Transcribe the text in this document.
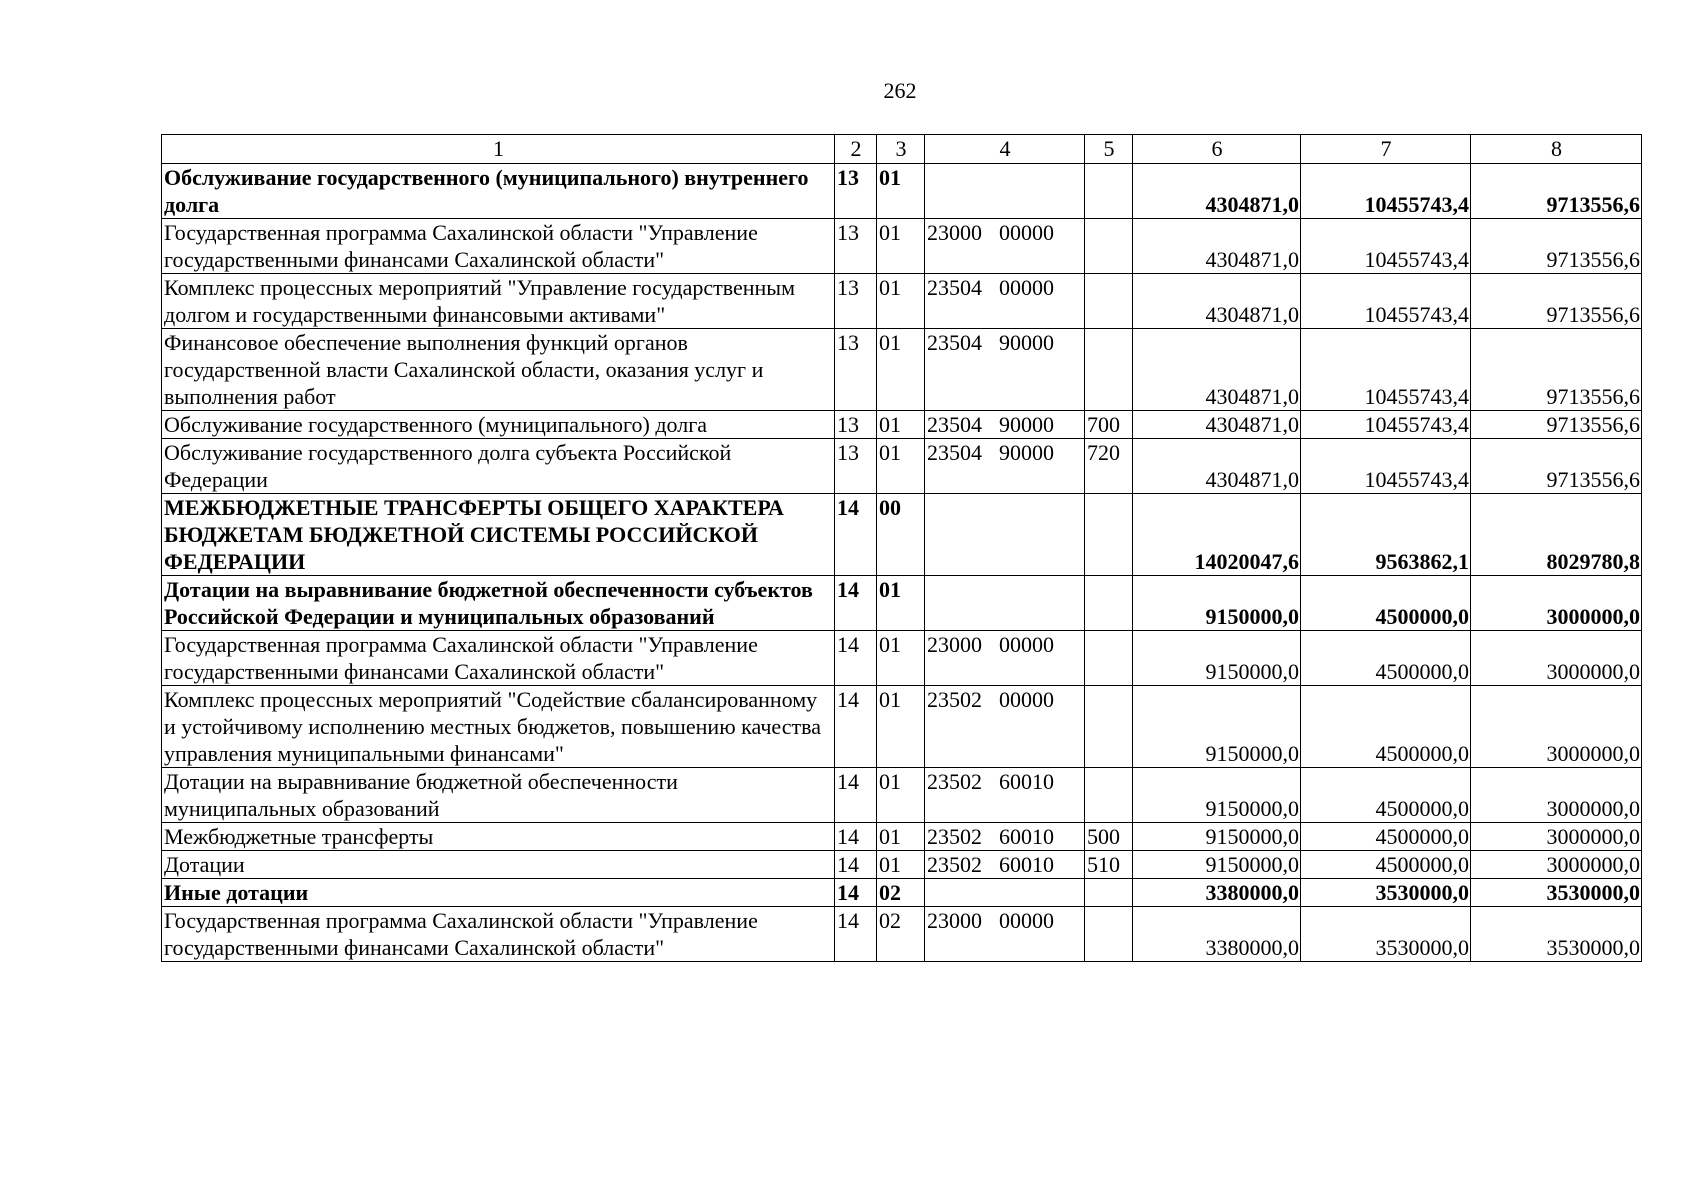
262
1	2	3	4	5	6	7	8
Обслуживание государственного (муниципального) внутреннего долга	13	01			4304871,0	10455743,4	9713556,6
Государственная программа Сахалинской области "Управление государственными финансами Сахалинской области"	13	01	23000 00000		4304871,0	10455743,4	9713556,6
Комплекс процессных мероприятий "Управление государственным долгом и государственными финансовыми активами"	13	01	23504 00000		4304871,0	10455743,4	9713556,6
Финансовое обеспечение выполнения функций органов государственной власти Сахалинской области, оказания услуг и выполнения работ	13	01	23504 90000		4304871,0	10455743,4	9713556,6
Обслуживание государственного (муниципального) долга	13	01	23504 90000	700	4304871,0	10455743,4	9713556,6
Обслуживание государственного долга субъекта Российской Федерации	13	01	23504 90000	720	4304871,0	10455743,4	9713556,6
МЕЖБЮДЖЕТНЫЕ ТРАНСФЕРТЫ ОБЩЕГО ХАРАКТЕРА БЮДЖЕТАМ БЮДЖЕТНОЙ СИСТЕМЫ РОССИЙСКОЙ ФЕДЕРАЦИИ	14	00			14020047,6	9563862,1	8029780,8
Дотации на выравнивание бюджетной обеспеченности субъектов Российской Федерации и муниципальных образований	14	01			9150000,0	4500000,0	3000000,0
Государственная программа Сахалинской области "Управление государственными финансами Сахалинской области"	14	01	23000 00000		9150000,0	4500000,0	3000000,0
Комплекс процессных мероприятий "Содействие сбалансированному и устойчивому исполнению местных бюджетов, повышению качества управления муниципальными финансами"	14	01	23502 00000		9150000,0	4500000,0	3000000,0
Дотации на выравнивание бюджетной обеспеченности муниципальных образований	14	01	23502 60010		9150000,0	4500000,0	3000000,0
Межбюджетные трансферты	14	01	23502 60010	500	9150000,0	4500000,0	3000000,0
Дотации	14	01	23502 60010	510	9150000,0	4500000,0	3000000,0
Иные дотации	14	02			3380000,0	3530000,0	3530000,0
Государственная программа Сахалинской области "Управление государственными финансами Сахалинской области"	14	02	23000 00000		3380000,0	3530000,0	3530000,0
